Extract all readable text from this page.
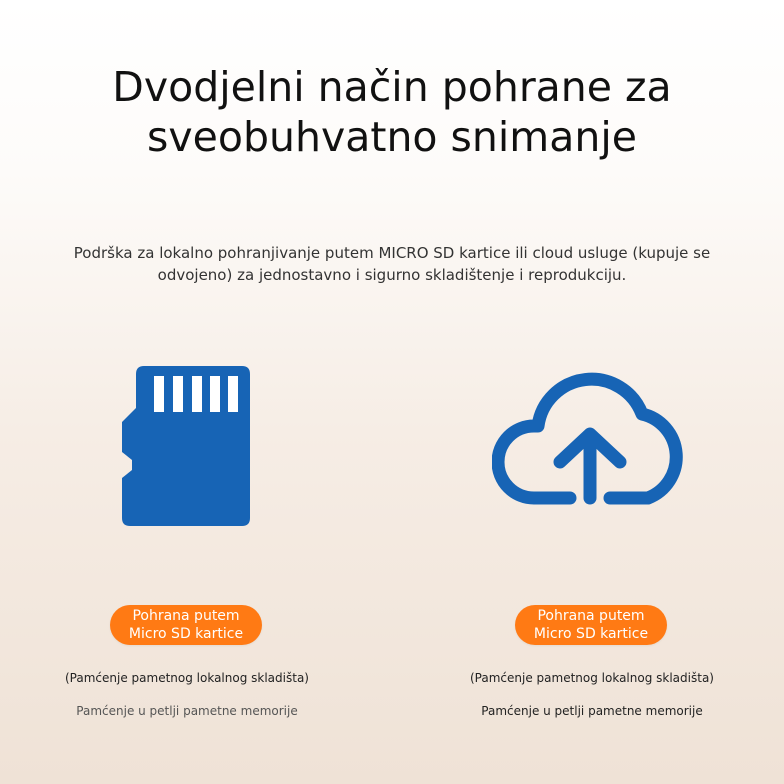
Dvodjelni način pohrane za
sveobuhvatno snimanje
Podrška za lokalno pohranjivanje putem MICRO SD kartice ili cloud usluge (kupuje se
odvojeno) za jednostavno i sigurno skladištenje i reprodukciju.
Pohrana putem
Micro SD kartice
Pohrana putem
Micro SD kartice
(Pamćenje pametnog lokalnog skladišta)
Pamćenje u petlji pametne memorije
(Pamćenje pametnog lokalnog skladišta)
Pamćenje u petlji pametne memorije
